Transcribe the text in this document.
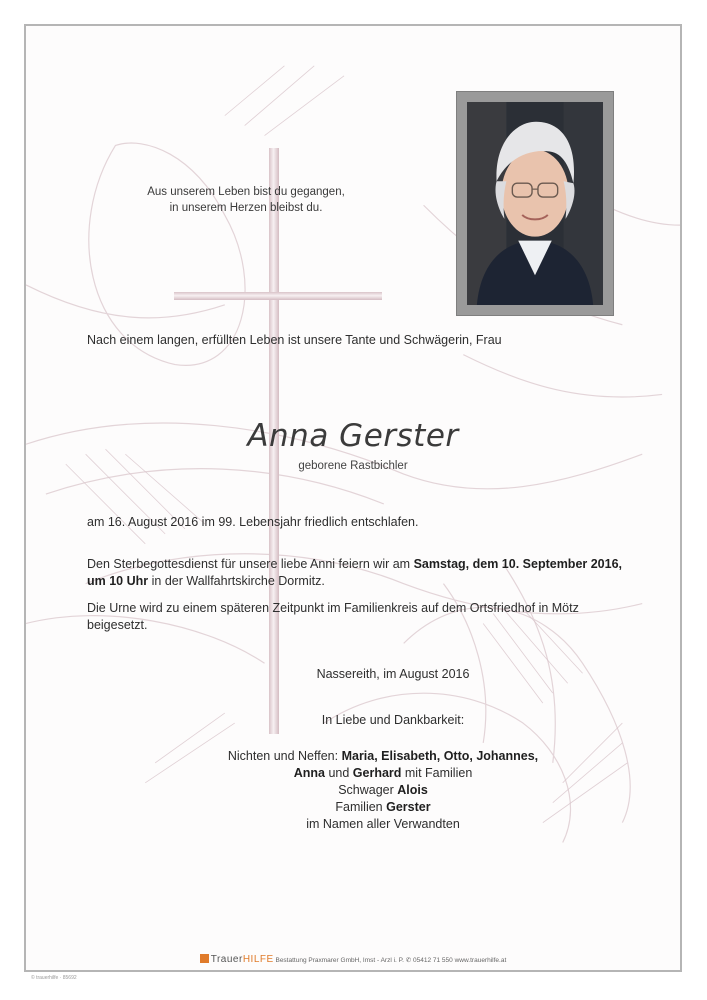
Aus unserem Leben bist du gegangen,
in unserem Herzen bleibst du.
Nach einem langen, erfüllten Leben ist unsere Tante und Schwägerin, Frau
Anna Gerster
geborene Rastbichler
am 16. August 2016 im 99. Lebensjahr friedlich entschlafen.
Den Sterbegottesdienst für unsere liebe Anni feiern wir am Samstag, dem 10. September 2016, um 10 Uhr in der Wallfahrtskirche Dormitz.
Die Urne wird zu einem späteren Zeitpunkt im Familienkreis auf dem Ortsfriedhof in Mötz beigesetzt.
Nassereith, im August 2016
In Liebe und Dankbarkeit:
Nichten und Neffen: Maria, Elisabeth, Otto, Johannes,
Anna und Gerhard mit Familien
Schwager Alois
Familien Gerster
im Namen aller Verwandten
TrauerHILFE Bestattung Praxmarer GmbH, Imst - Arzl i. P. ✆ 05412 71 550 www.trauerhilfe.at
© trauerhilfe · 85692
